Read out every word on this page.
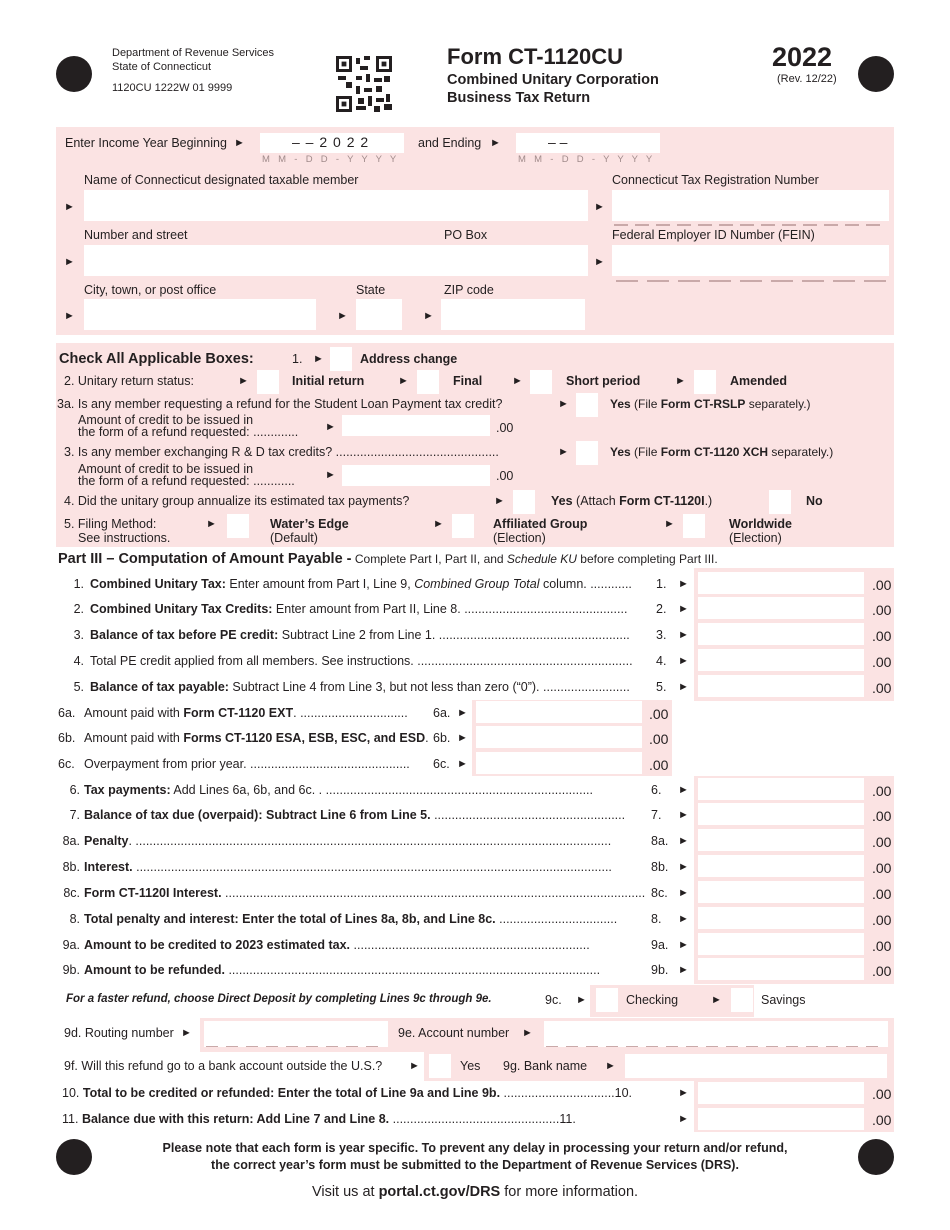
Department of Revenue Services
State of Connecticut
1120CU 1222W 01 9999
Form CT-1120CU
Combined Unitary Corporation
Business Tax Return
2022
(Rev. 12/22)
Enter Income Year Beginning ►	– – 2 0 2 2
M M - D D - Y Y Y Y
and Ending ►	– –
M M - D D - Y Y Y Y
Name of Connecticut designated taxable member
►
Connecticut Tax Registration Number
►
Number and street	PO Box
►
Federal Employer ID Number (FEIN)
►
City, town, or post office	State	ZIP code
►	►	►
Check All Applicable Boxes:	1. ►	Address change
2. Unitary return status:	►	Initial return	►	Final	►	Short period	►	Amended
3a. Is any member requesting a refund for the Student Loan Payment tax credit?	►	Yes (File Form CT-RSLP separately.)
Amount of credit to be issued in
the form of a refund requested: ............. ►	.00
3. Is any member exchanging R & D tax credits? ...............................................	►	Yes (File Form CT-1120 XCH separately.)
Amount of credit to be issued in
the form of a refund requested: ............	►	.00
4. Did the unitary group annualize its estimated tax payments?	►	Yes (Attach Form CT-1120I.)	No
5. Filing Method:
See instructions.
►	Water’s Edge
(Default)
►	Affiliated Group
(Election)
►	Worldwide
(Election)
Part III – Computation of Amount Payable - Complete Part I, Part II, and Schedule KU before completing Part III.
1. Combined Unitary Tax: Enter amount from Part I, Line 9, Combined Group Total column. ............	1. ►	.00
2. Combined Unitary Tax Credits: Enter amount from Part II, Line 8. ...............................................	2. ►	.00
3. Balance of tax before PE credit: Subtract Line 2 from Line 1. .......................................................	3. ►	.00
4. Total PE credit applied from all members. See instructions. ..............................................................	4. ►	.00
5. Balance of tax payable: Subtract Line 4 from Line 3, but not less than zero (“0”). .........................	5. ►	.00
6a. Amount paid with Form CT-1120 EXT. ...............................	6a. ►	.00
6b. Amount paid with Forms CT-1120 ESA, ESB, ESC, and ESD. 6b. ►	.00
6c. Overpayment from prior year. ..............................................	6c. ►	.00
6. Tax payments: Add Lines 6a, 6b, and 6c. . .............................................................................	6. ►	.00
7. Balance of tax due (overpaid): Subtract Line 6 from Line 5. .......................................................	7. ►	.00
8a. Penalty. .........................................................................................................................................	8a. ►	.00
8b. Interest. .........................................................................................................................................	8b. ►	.00
8c. Form CT-1120I Interest. ......................................................................................................................... 8c. ►	.00
8. Total penalty and interest: Enter the total of Lines 8a, 8b, and Line 8c. ..................................	8. ►	.00
9a. Amount to be credited to 2023 estimated tax. ....................................................................	9a. ►	.00
9b. Amount to be refunded. ...........................................................................................................	9b. ►	.00
For a faster refund, choose Direct Deposit by completing Lines 9c through 9e.	9c. ►	Checking	►	Savings
9d. Routing number ►	9e. Account number ►
9f. Will this refund go to a bank account outside the U.S.? ►	Yes 9g. Bank name ►
10. Total to be credited or refunded: Enter the total of Line 9a and Line 9b. ................................10.	►	.00
11. Balance due with this return: Add Line 7 and Line 8. ................................................11.	►	.00
Please note that each form is year specific. To prevent any delay in processing your return and/or refund,
the correct year’s form must be submitted to the Department of Revenue Services (DRS).
Visit us at portal.ct.gov/DRS for more information.
